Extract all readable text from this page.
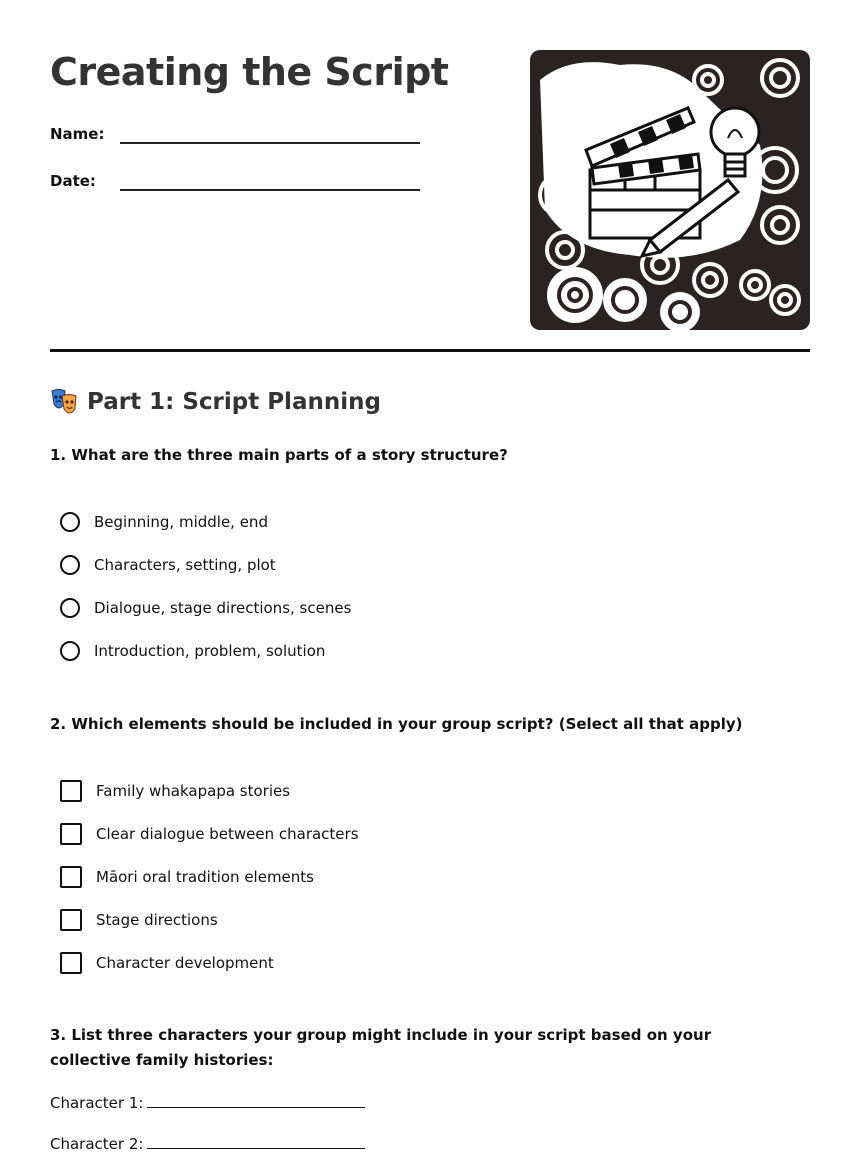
Creating the Script
Name:
Date:
Part 1: Script Planning

1. What are the three main parts of a story structure?

Beginning, middle, end
Characters, setting, plot
Dialogue, stage directions, scenes
Introduction, problem, solution

2. Which elements should be included in your group script? (Select all that apply)

Family whakapapa stories
Clear dialogue between characters
Māori oral tradition elements
Stage directions
Character development

3. List three characters your group might include in your script based on your collective family histories:

Character 1:
Character 2:
